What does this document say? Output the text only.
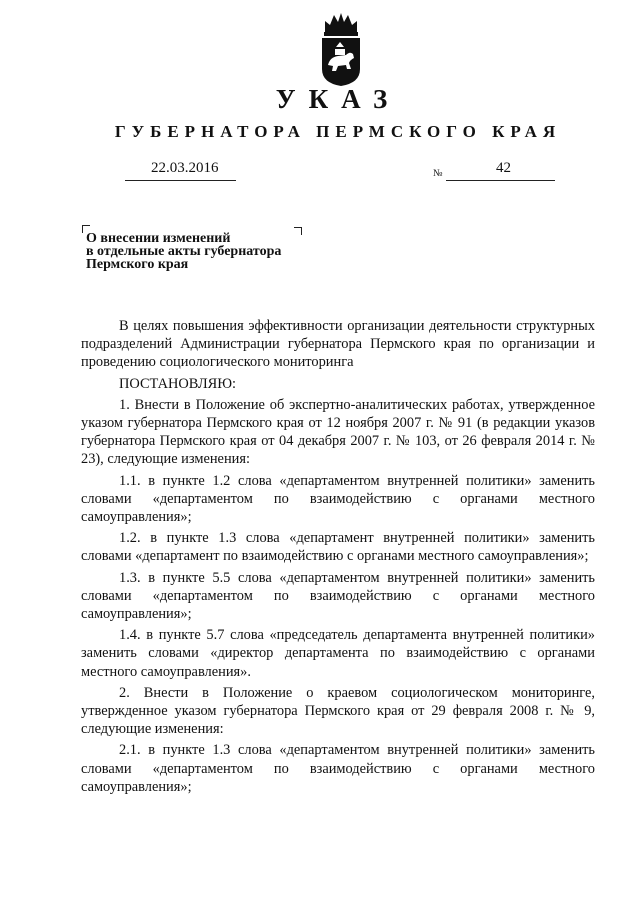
УКАЗ
ГУБЕРНАТОРА ПЕРМСКОГО КРАЯ
22.03.2016	№	42

О внесении изменений
в отдельные акты губернатора
Пермского края

В целях повышения эффективности организации деятельности структурных подразделений Администрации губернатора Пермского края по организации и проведению социологического мониторинга

ПОСТАНОВЛЯЮ:

1. Внести в Положение об экспертно-аналитических работах, утвержденное указом губернатора Пермского края от 12 ноября 2007 г. № 91 (в редакции указов губернатора Пермского края от 04 декабря 2007 г. № 103, от 26 февраля 2014 г. № 23), следующие изменения:

1.1. в пункте 1.2 слова «департаментом внутренней политики» заменить словами «департаментом по взаимодействию с органами местного самоуправления»;

1.2. в пункте 1.3 слова «департамент внутренней политики» заменить словами «департамент по взаимодействию с органами местного самоуправления»;

1.3. в пункте 5.5 слова «департаментом внутренней политики» заменить словами «департаментом по взаимодействию с органами местного самоуправления»;

1.4. в пункте 5.7 слова «председатель департамента внутренней политики» заменить словами «директор департамента по взаимодействию с органами местного самоуправления».

2. Внести в Положение о краевом социологическом мониторинге, утвержденное указом губернатора Пермского края от 29 февраля 2008 г. № 9, следующие изменения:

2.1. в пункте 1.3 слова «департаментом внутренней политики» заменить словами «департаментом по взаимодействию с органами местного самоуправления»;
